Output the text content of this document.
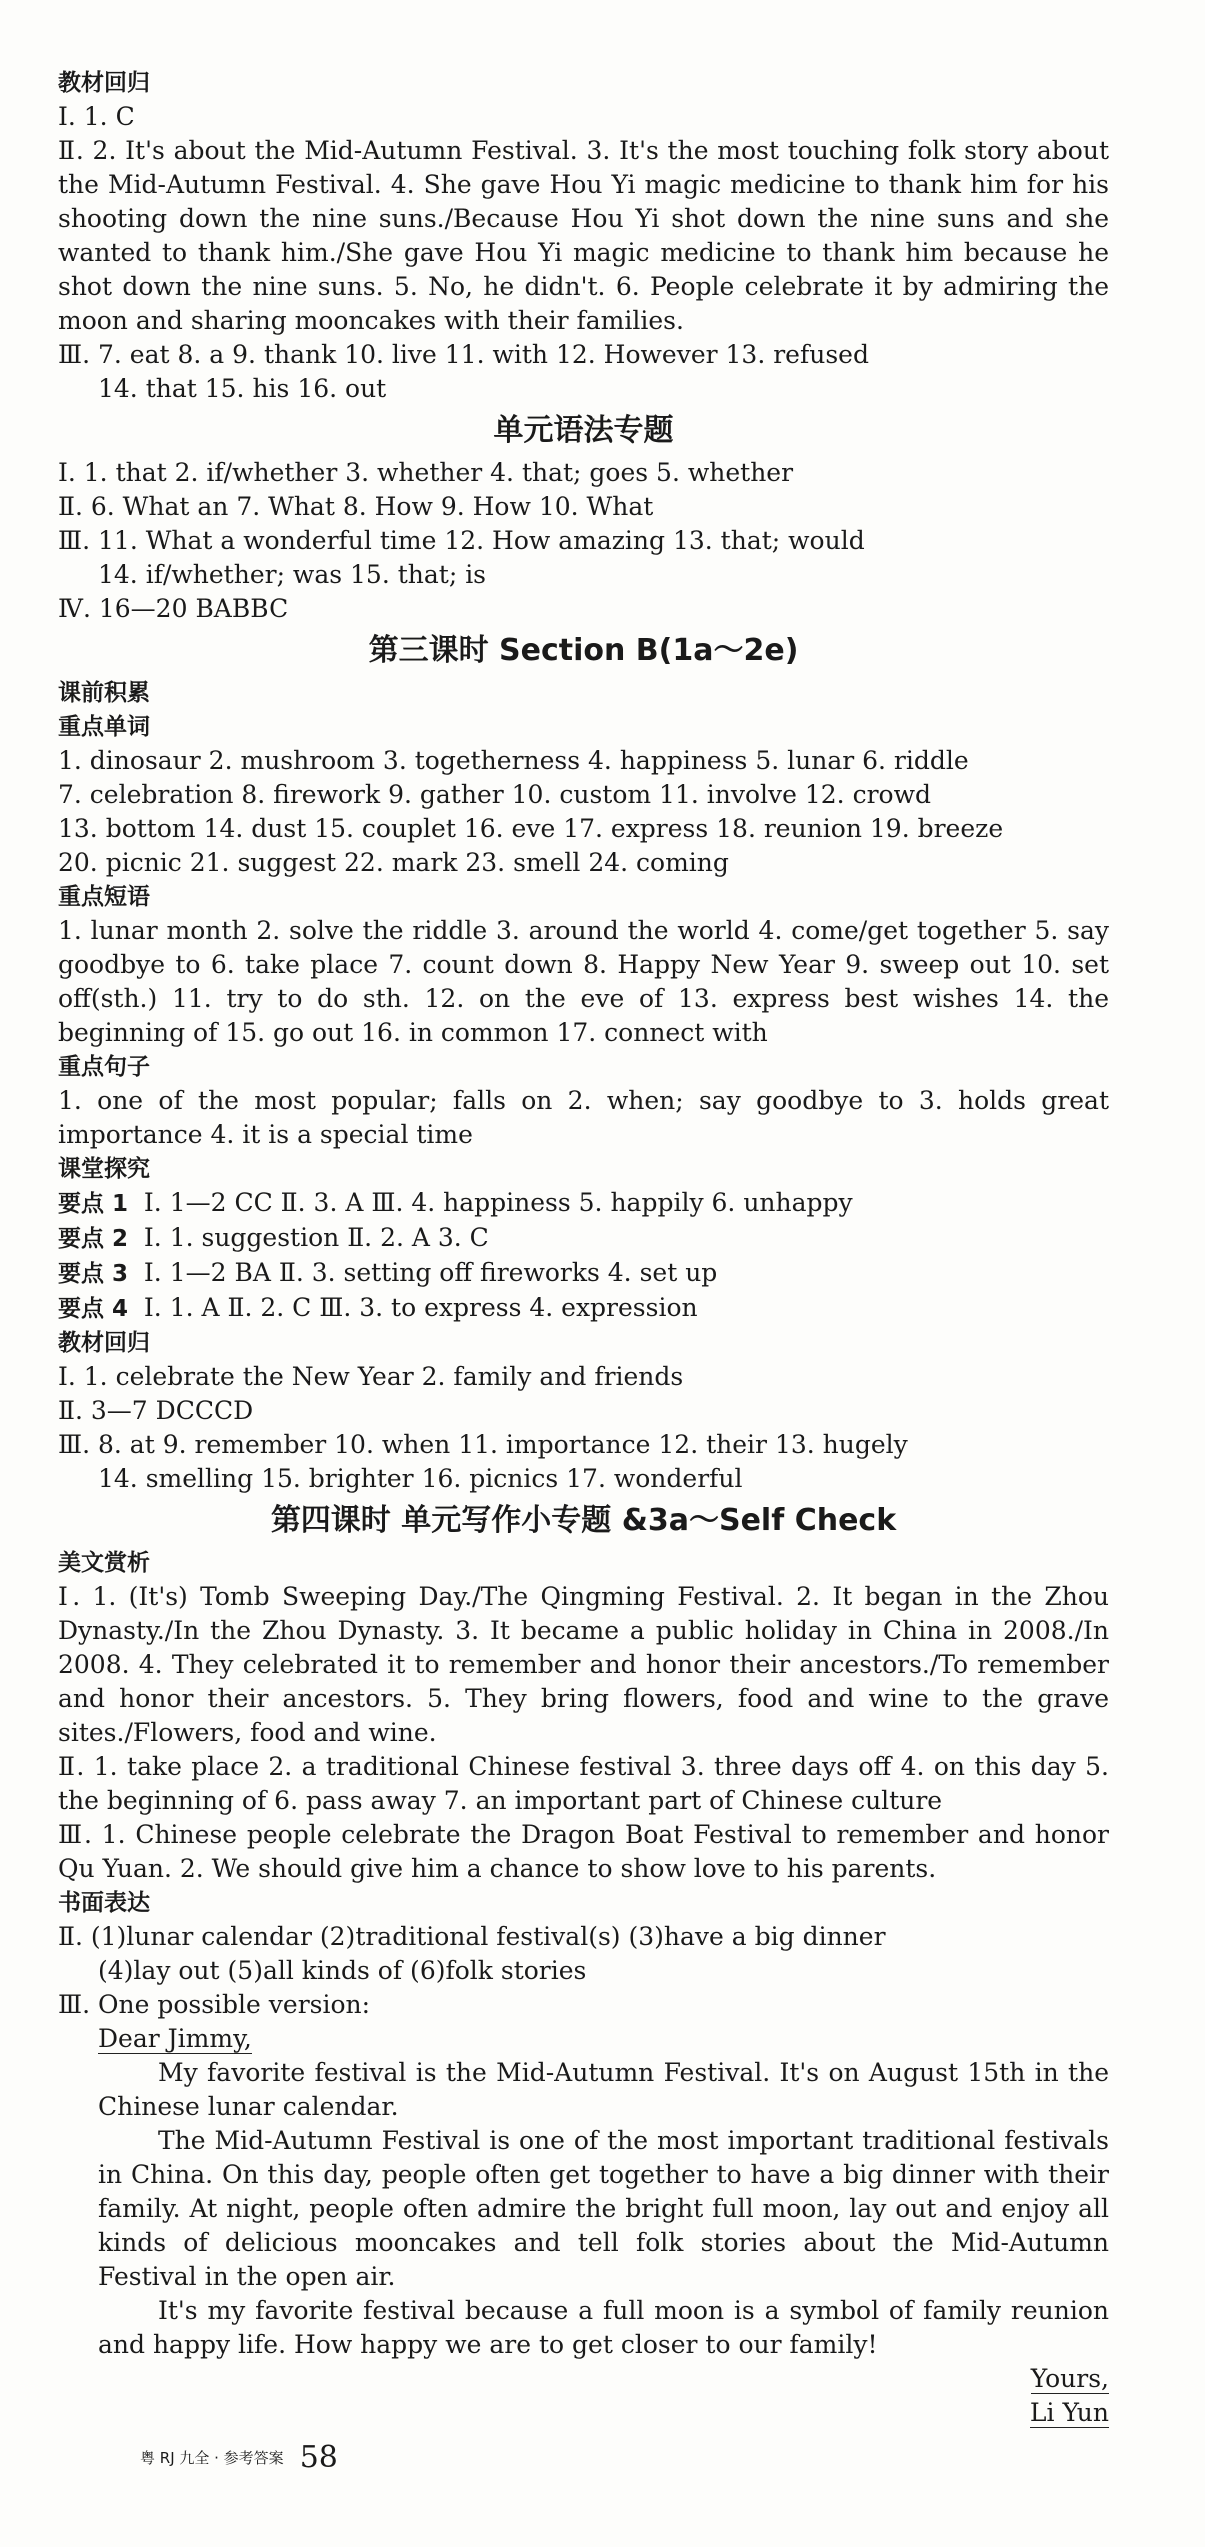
教材回归
Ⅰ. 1. C
Ⅱ. 2. It's about the Mid-Autumn Festival. 3. It's the most touching folk story about the Mid-Autumn Festival. 4. She gave Hou Yi magic medicine to thank him for his shooting down the nine suns./Because Hou Yi shot down the nine suns and she wanted to thank him./She gave Hou Yi magic medicine to thank him because he shot down the nine suns. 5. No, he didn't. 6. People celebrate it by admiring the moon and sharing mooncakes with their families.
Ⅲ. 7. eat 8. a 9. thank 10. live 11. with 12. However 13. refused
14. that 15. his 16. out
单元语法专题
Ⅰ. 1. that 2. if/whether 3. whether 4. that; goes 5. whether
Ⅱ. 6. What an 7. What 8. How 9. How 10. What
Ⅲ. 11. What a wonderful time 12. How amazing 13. that; would
14. if/whether; was 15. that; is
Ⅳ. 16—20 BABBC
第三课时 Section B(1a～2e)
课前积累
重点单词
1. dinosaur 2. mushroom 3. togetherness 4. happiness 5. lunar 6. riddle
7. celebration 8. firework 9. gather 10. custom 11. involve 12. crowd
13. bottom 14. dust 15. couplet 16. eve 17. express 18. reunion 19. breeze
20. picnic 21. suggest 22. mark 23. smell 24. coming
重点短语
1. lunar month 2. solve the riddle 3. around the world 4. come/get together 5. say goodbye to 6. take place 7. count down 8. Happy New Year 9. sweep out 10. set off(sth.) 11. try to do sth. 12. on the eve of 13. express best wishes 14. the beginning of 15. go out 16. in common 17. connect with
重点句子
1. one of the most popular; falls on 2. when; say goodbye to 3. holds great importance 4. it is a special time
课堂探究
要点 1 Ⅰ. 1—2 CC Ⅱ. 3. A Ⅲ. 4. happiness 5. happily 6. unhappy
要点 2 Ⅰ. 1. suggestion Ⅱ. 2. A 3. C
要点 3 Ⅰ. 1—2 BA Ⅱ. 3. setting off fireworks 4. set up
要点 4 Ⅰ. 1. A Ⅱ. 2. C Ⅲ. 3. to express 4. expression
教材回归
Ⅰ. 1. celebrate the New Year 2. family and friends
Ⅱ. 3—7 DCCCD
Ⅲ. 8. at 9. remember 10. when 11. importance 12. their 13. hugely
14. smelling 15. brighter 16. picnics 17. wonderful
第四课时 单元写作小专题 &3a～Self Check
美文赏析
Ⅰ. 1. (It's) Tomb Sweeping Day./The Qingming Festival. 2. It began in the Zhou Dynasty./In the Zhou Dynasty. 3. It became a public holiday in China in 2008./In 2008. 4. They celebrated it to remember and honor their ancestors./To remember and honor their ancestors. 5. They bring flowers, food and wine to the grave sites./Flowers, food and wine.
Ⅱ. 1. take place 2. a traditional Chinese festival 3. three days off 4. on this day 5. the beginning of 6. pass away 7. an important part of Chinese culture
Ⅲ. 1. Chinese people celebrate the Dragon Boat Festival to remember and honor Qu Yuan. 2. We should give him a chance to show love to his parents.
书面表达
Ⅱ. (1)lunar calendar (2)traditional festival(s) (3)have a big dinner
(4)lay out (5)all kinds of (6)folk stories
Ⅲ. One possible version:
Dear Jimmy,
My favorite festival is the Mid-Autumn Festival. It's on August 15th in the Chinese lunar calendar.
The Mid-Autumn Festival is one of the most important traditional festivals in China. On this day, people often get together to have a big dinner with their family. At night, people often admire the bright full moon, lay out and enjoy all kinds of delicious mooncakes and tell folk stories about the Mid-Autumn Festival in the open air.
It's my favorite festival because a full moon is a symbol of family reunion and happy life. How happy we are to get closer to our family!
Yours,
Li Yun
粤 RJ 九全 · 参考答案 58
